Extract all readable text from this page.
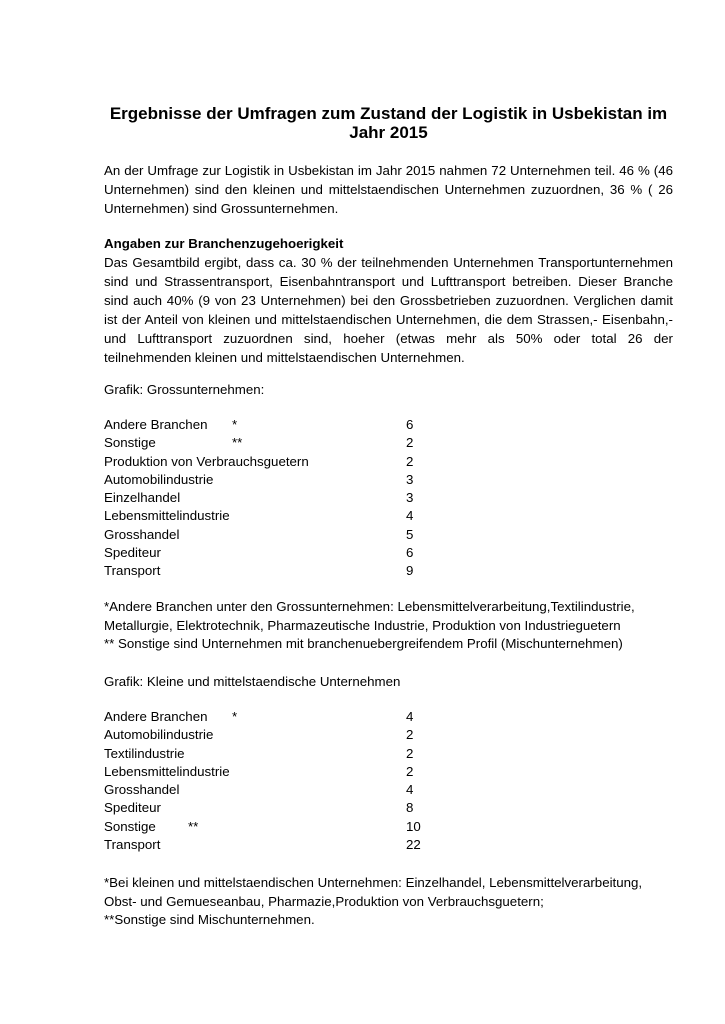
Ergebnisse der Umfragen zum Zustand der Logistik in Usbekistan im Jahr 2015

An der Umfrage zur Logistik in Usbekistan im Jahr 2015 nahmen 72 Unternehmen teil. 46 % (46 Unternehmen) sind den kleinen und mittelstaendischen Unternehmen zuzuordnen, 36 % ( 26 Unternehmen) sind Grossunternehmen.

Angaben zur Branchenzugehoerigkeit

Das Gesamtbild ergibt, dass ca. 30 % der teilnehmenden Unternehmen Transportunternehmen sind und Strassentransport, Eisenbahntransport und Lufttransport betreiben. Dieser Branche sind auch 40% (9 von 23 Unternehmen) bei den Grossbetrieben zuzuordnen. Verglichen damit ist der Anteil von kleinen und mittelstaendischen Unternehmen, die dem Strassen,- Eisenbahn,- und Lufttransport zuzuordnen sind, hoeher (etwas mehr als 50% oder total 26 der teilnehmenden kleinen und mittelstaendischen Unternehmen.

Grafik: Grossunternehmen:

Andere Branchen *	6
Sonstige	**	2
Produktion von Verbrauchsguetern	2
Automobilindustrie	3
Einzelhandel	3
Lebensmittelindustrie	4
Grosshandel	5
Spediteur	6
Transport	9
*Andere Branchen unter den Grossunternehmen: Lebensmittelverarbeitung,Textilindustrie,
Metallurgie, Elektrotechnik, Pharmazeutische Industrie, Produktion von Industrieguetern
** Sonstige sind Unternehmen mit branchenuebergreifendem Profil (Mischunternehmen)

Grafik: Kleine und mittelstaendische Unternehmen

Andere Branchen *	4
Automobilindustrie	2
Textilindustrie	2
Lebensmittelindustrie	2
Grosshandel	4
Spediteur	8
Sonstige **	10
Transport	22
*Bei kleinen und mittelstaendischen Unternehmen: Einzelhandel, Lebensmittelverarbeitung,
Obst- und Gemueseanbau, Pharmazie,Produktion von Verbrauchsguetern;
**Sonstige sind Mischunternehmen.
